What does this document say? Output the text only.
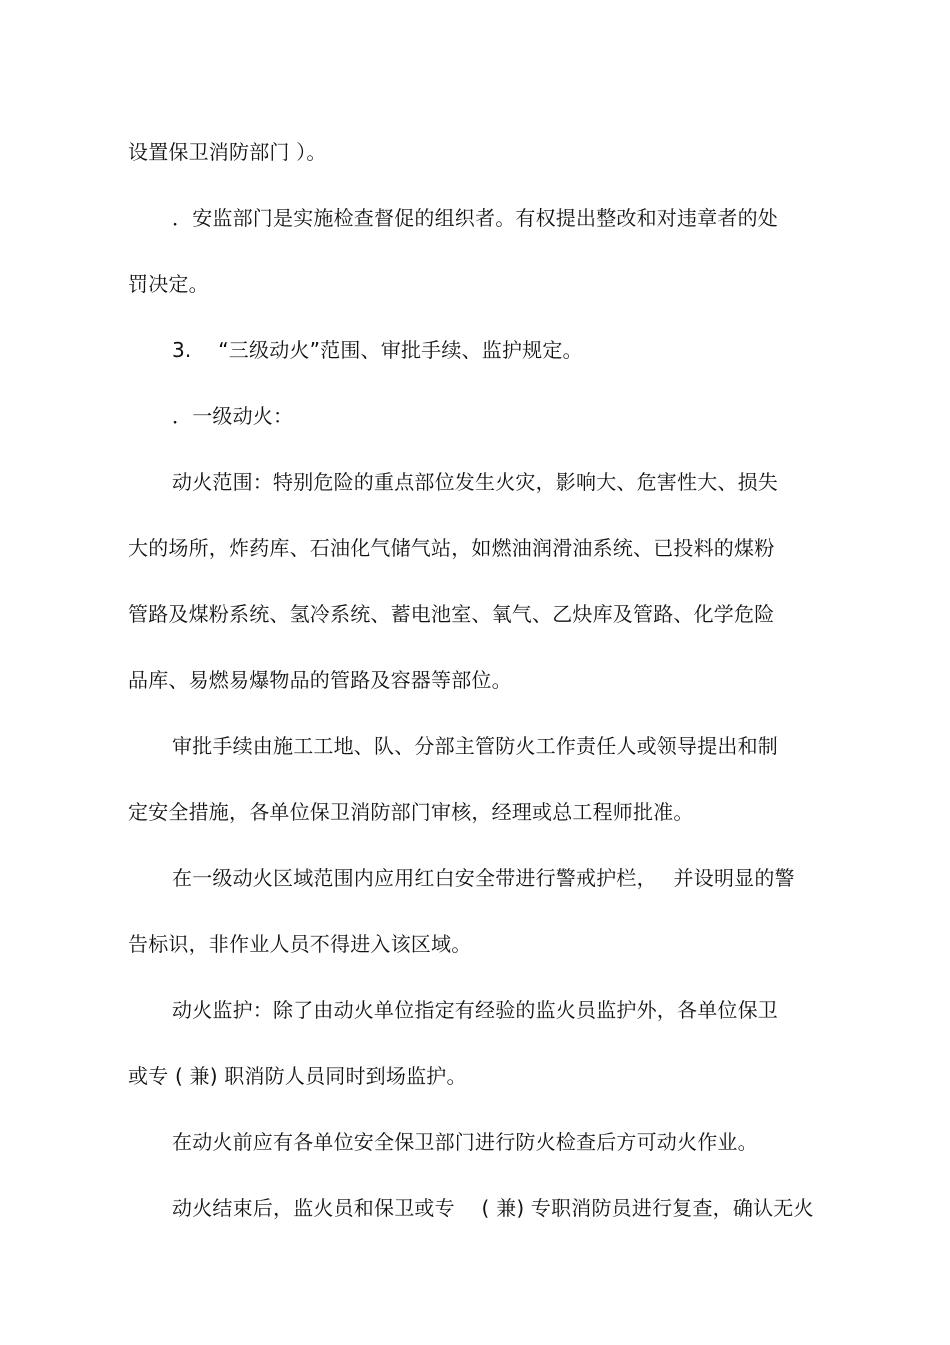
设置保卫消防部门 ）。

．安监部门是实施检查督促的组织者。有权提出整改和对违章者的处

罚决定。

3.　 “三级动火”范围、审批手续、监护规定。

．一级动火：

动火范围：特别危险的重点部位发生火灾，影响大、危害性大、损失

大的场所，炸药库、石油化气储气站，如燃油润滑油系统、已投料的煤粉

管路及煤粉系统、氢冷系统、蓄电池室、氧气、乙炔库及管路、化学危险

品库、易燃易爆物品的管路及容器等部位。

审批手续由施工工地、队、分部主管防火工作责任人或领导提出和制

定安全措施，各单位保卫消防部门审核，经理或总工程师批准。

在一级动火区域范围内应用红白安全带进行警戒护栏，　 并设明显的警

告标识，非作业人员不得进入该区域。

动火监护：除了由动火单位指定有经验的监火员监护外，各单位保卫

或专 ( 兼) 职消防人员同时到场监护。

在动火前应有各单位安全保卫部门进行防火检查后方可动火作业。

动火结束后，监火员和保卫或专 　( 兼) 专职消防员进行复查，确认无火
